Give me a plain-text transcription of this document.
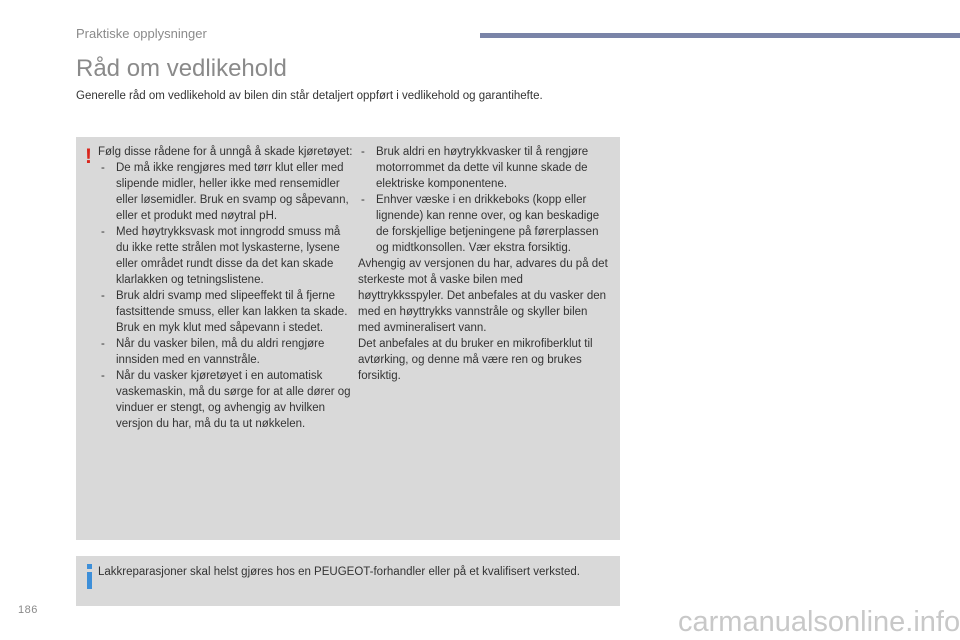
Praktiske opplysninger
Råd om vedlikehold
Generelle råd om vedlikehold av bilen din står detaljert oppført i vedlikehold og garantihefte.
! Følg disse rådene for å unngå å skade kjøretøyet:

- De må ikke rengjøres med tørr klut eller med slipende midler, heller ikke med rensemidler eller løsemidler. Bruk en svamp og såpevann, eller et produkt med nøytral pH.
- Med høytrykksvask mot inngrodd smuss må du ikke rette strålen mot lyskasterne, lysene eller området rundt disse da det kan skade klarlakken og tetningslistene.
- Bruk aldri svamp med slipeeffekt til å fjerne fastsittende smuss, eller kan lakken ta skade. Bruk en myk klut med såpevann i stedet.
- Når du vasker bilen, må du aldri rengjøre innsiden med en vannstråle.
- Når du vasker kjøretøyet i en automatisk vaskemaskin, må du sørge for at alle dører og vinduer er stengt, og avhengig av hvilken versjon du har, må du ta ut nøkkelen.
- Bruk aldri en høytrykkvasker til å rengjøre motorrommet da dette vil kunne skade de elektriske komponentene.
- Enhver væske i en drikkeboks (kopp eller lignende) kan renne over, og kan beskadige de forskjellige betjeningene på førerplassen og midtkonsollen. Vær ekstra forsiktig.

Avhengig av versjonen du har, advares du på det sterkeste mot å vaske bilen med høyttrykksspyler. Det anbefales at du vasker den med en høyttrykks vannstråle og skyller bilen med avmineralisert vann.

Det anbefales at du bruker en mikrofiberklut til avtørking, og denne må være ren og brukes forsiktig.

Lakkreparasjoner skal helst gjøres hos en PEUGEOT-forhandler eller på et kvalifisert verksted.
186	carmanualsonline.info
